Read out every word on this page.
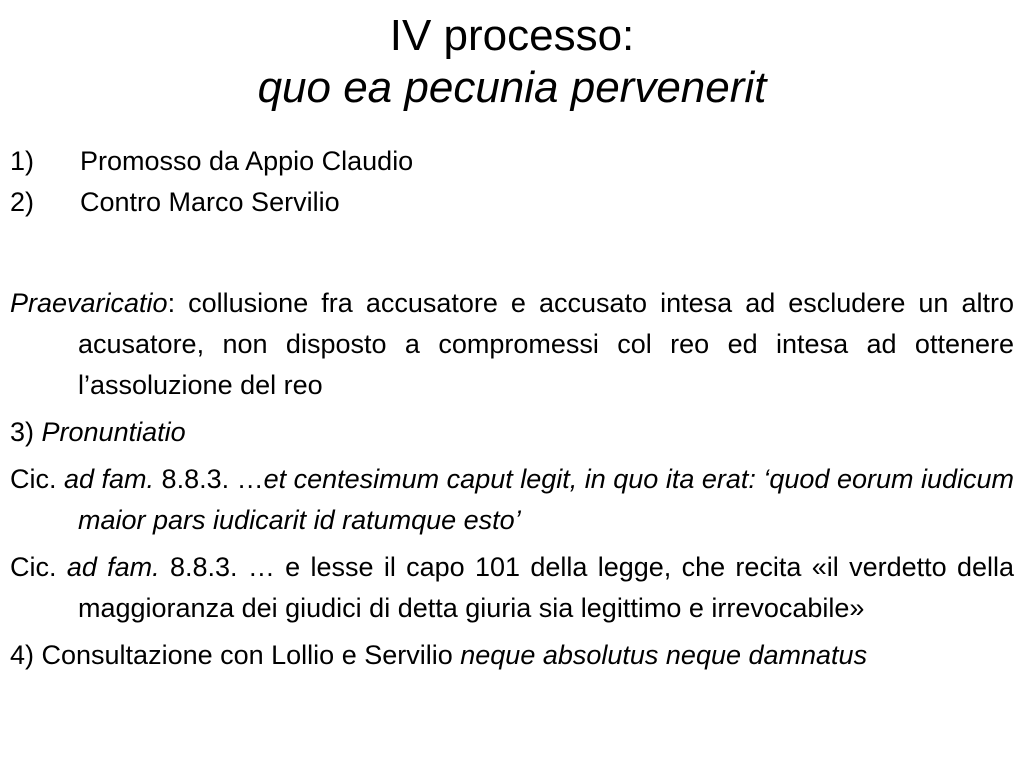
IV processo:
quo ea pecunia pervenerit
1) Promosso da Appio Claudio
2) Contro Marco Servilio
Praevaricatio: collusione fra accusatore e accusato intesa ad escludere un altro acusatore, non disposto a compromessi col reo ed intesa ad ottenere l’assoluzione del reo
3) Pronuntiatio
Cic. ad fam. 8.8.3. …et centesimum caput legit, in quo ita erat: ‘quod eorum iudicum maior pars iudicarit id ratumque esto’
Cic. ad fam. 8.8.3. … e lesse il capo 101 della legge, che recita «il verdetto della maggioranza dei giudici di detta giuria sia legittimo e irrevocabile»
4) Consultazione con Lollio e Servilio neque absolutus neque damnatus
